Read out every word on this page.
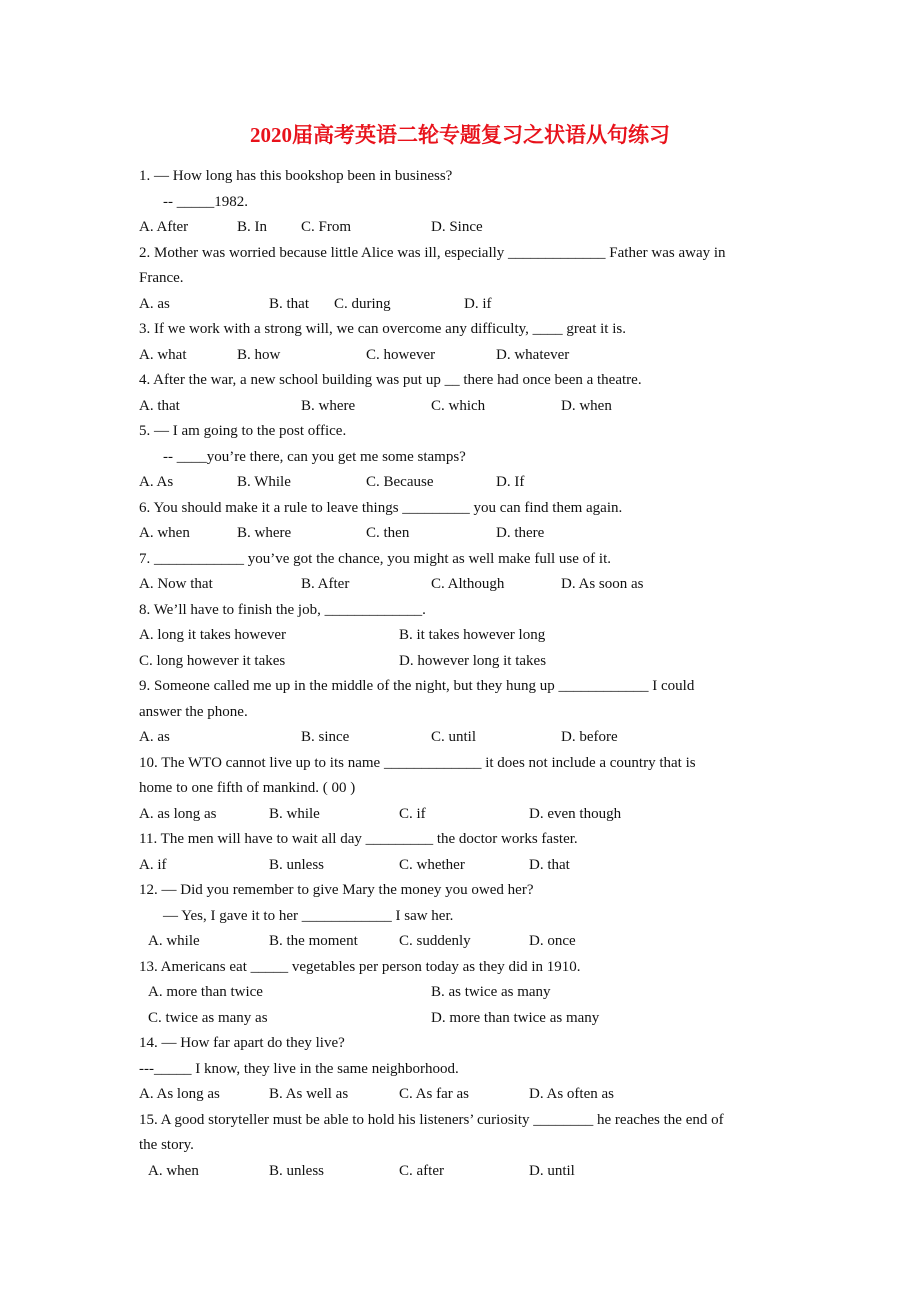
2020届高考英语二轮专题复习之状语从句练习
1. — How long has this bookshop been in business?
-- _____1982.
A. After	B. In C. From	D. Since
2. Mother was worried because little Alice was ill, especially _____________ Father was away in
France.
A. as	B. that C. during	D. if
3. If we work with a strong will, we can overcome any difficulty, ____ great it is.
A. what	B. how	C. however	D. whatever
4. After the war, a new school building was put up __ there had once been a theatre.
A. that	B. where	C. which	D. when
5. — I am going to the post office.
-- ____you’re there, can you get me some stamps?
A. As	B. While	C. Because	D. If
6. You should make it a rule to leave things _________ you can find them again.
A. when	B. where	C. then	D. there
7. ____________ you’ve got the chance, you might as well make full use of it.
A. Now that	B. After	C. Although	D. As soon as
8. We’ll have to finish the job, _____________.
A. long it takes however	B. it takes however long
C. long however it takes	D. however long it takes
9. Someone called me up in the middle of the night, but they hung up ____________ I could
answer the phone.
A. as	B. since	C. until	D. before
10. The WTO cannot live up to its name _____________ it does not include a country that is
home to one fifth of mankind. ( 00 )
A. as long as	B. while	C. if	D. even though
11. The men will have to wait all day _________ the doctor works faster.
A. if	B. unless	C. whether	D. that
12. — Did you remember to give Mary the money you owed her?
— Yes, I gave it to her ____________ I saw her.
A. while	B. the moment	C. suddenly	D. once
13. Americans eat _____ vegetables per person today as they did in 1910.
A. more than twice	B. as twice as many
C. twice as many as	D. more than twice as many
14. — How far apart do they live?
---_____ I know, they live in the same neighborhood.
A. As long as	B. As well as	C. As far as	D. As often as
15. A good storyteller must be able to hold his listeners’ curiosity ________ he reaches the end of
the story.
A. when	B. unless	C. after	D. until
